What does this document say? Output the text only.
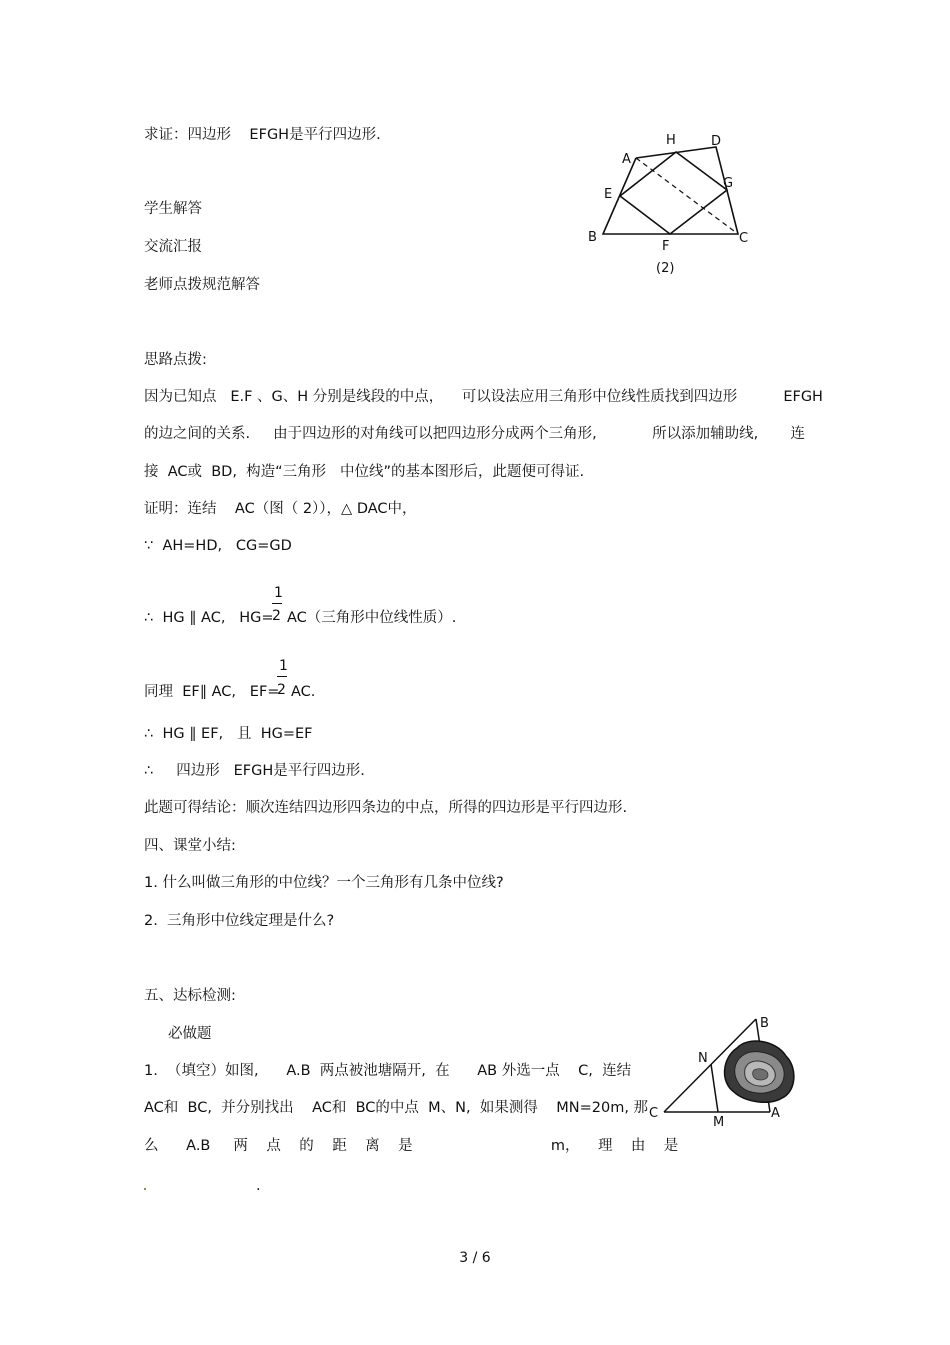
求证：四边形    EFGH是平行四边形.
学生解答
交流汇报
老师点拨规范解答
思路点拨:
因为已知点   E.F 、G、H 分别是线段的中点，    可以设法应用三角形中位线性质找到四边形          EFGH
的边之间的关系.     由于四边形的对角线可以把四边形分成两个三角形,            所以添加辅助线,       连
接  AC或  BD,  构造“三角形   中位线”的基本图形后，此题便可得证.
证明：连结    AC（图（ 2）），△ DAC中，
∵  AH=HD,   CG=GD
∴  HG ∥ AC,   HG=
1
2 AC（三角形中位线性质）.
同理  EF∥ AC,   EF=
1
2 AC.
∴  HG ∥ EF,   且  HG=EF
∴     四边形   EFGH是平行四边形.
此题可得结论：顺次连结四边形四条边的中点，所得的四边形是平行四边形.
四、课堂小结:
1. 什么叫做三角形的中位线？一个三角形有几条中位线?
2.  三角形中位线定理是什么?
五、达标检测:
必做题
1.  （填空）如图,      A.B  两点被池塘隔开,  在      AB 外选一点    C,  连结
AC和  BC,  并分别找出    AC和  BC的中点  M、N,  如果测得    MN=20m, 那
么      A.B     两    点    的    距    离    是                              m，    理    由    是
.
A
H	D
E
G
B
F
C
(2)
B
N
C
M
A
3 / 6
